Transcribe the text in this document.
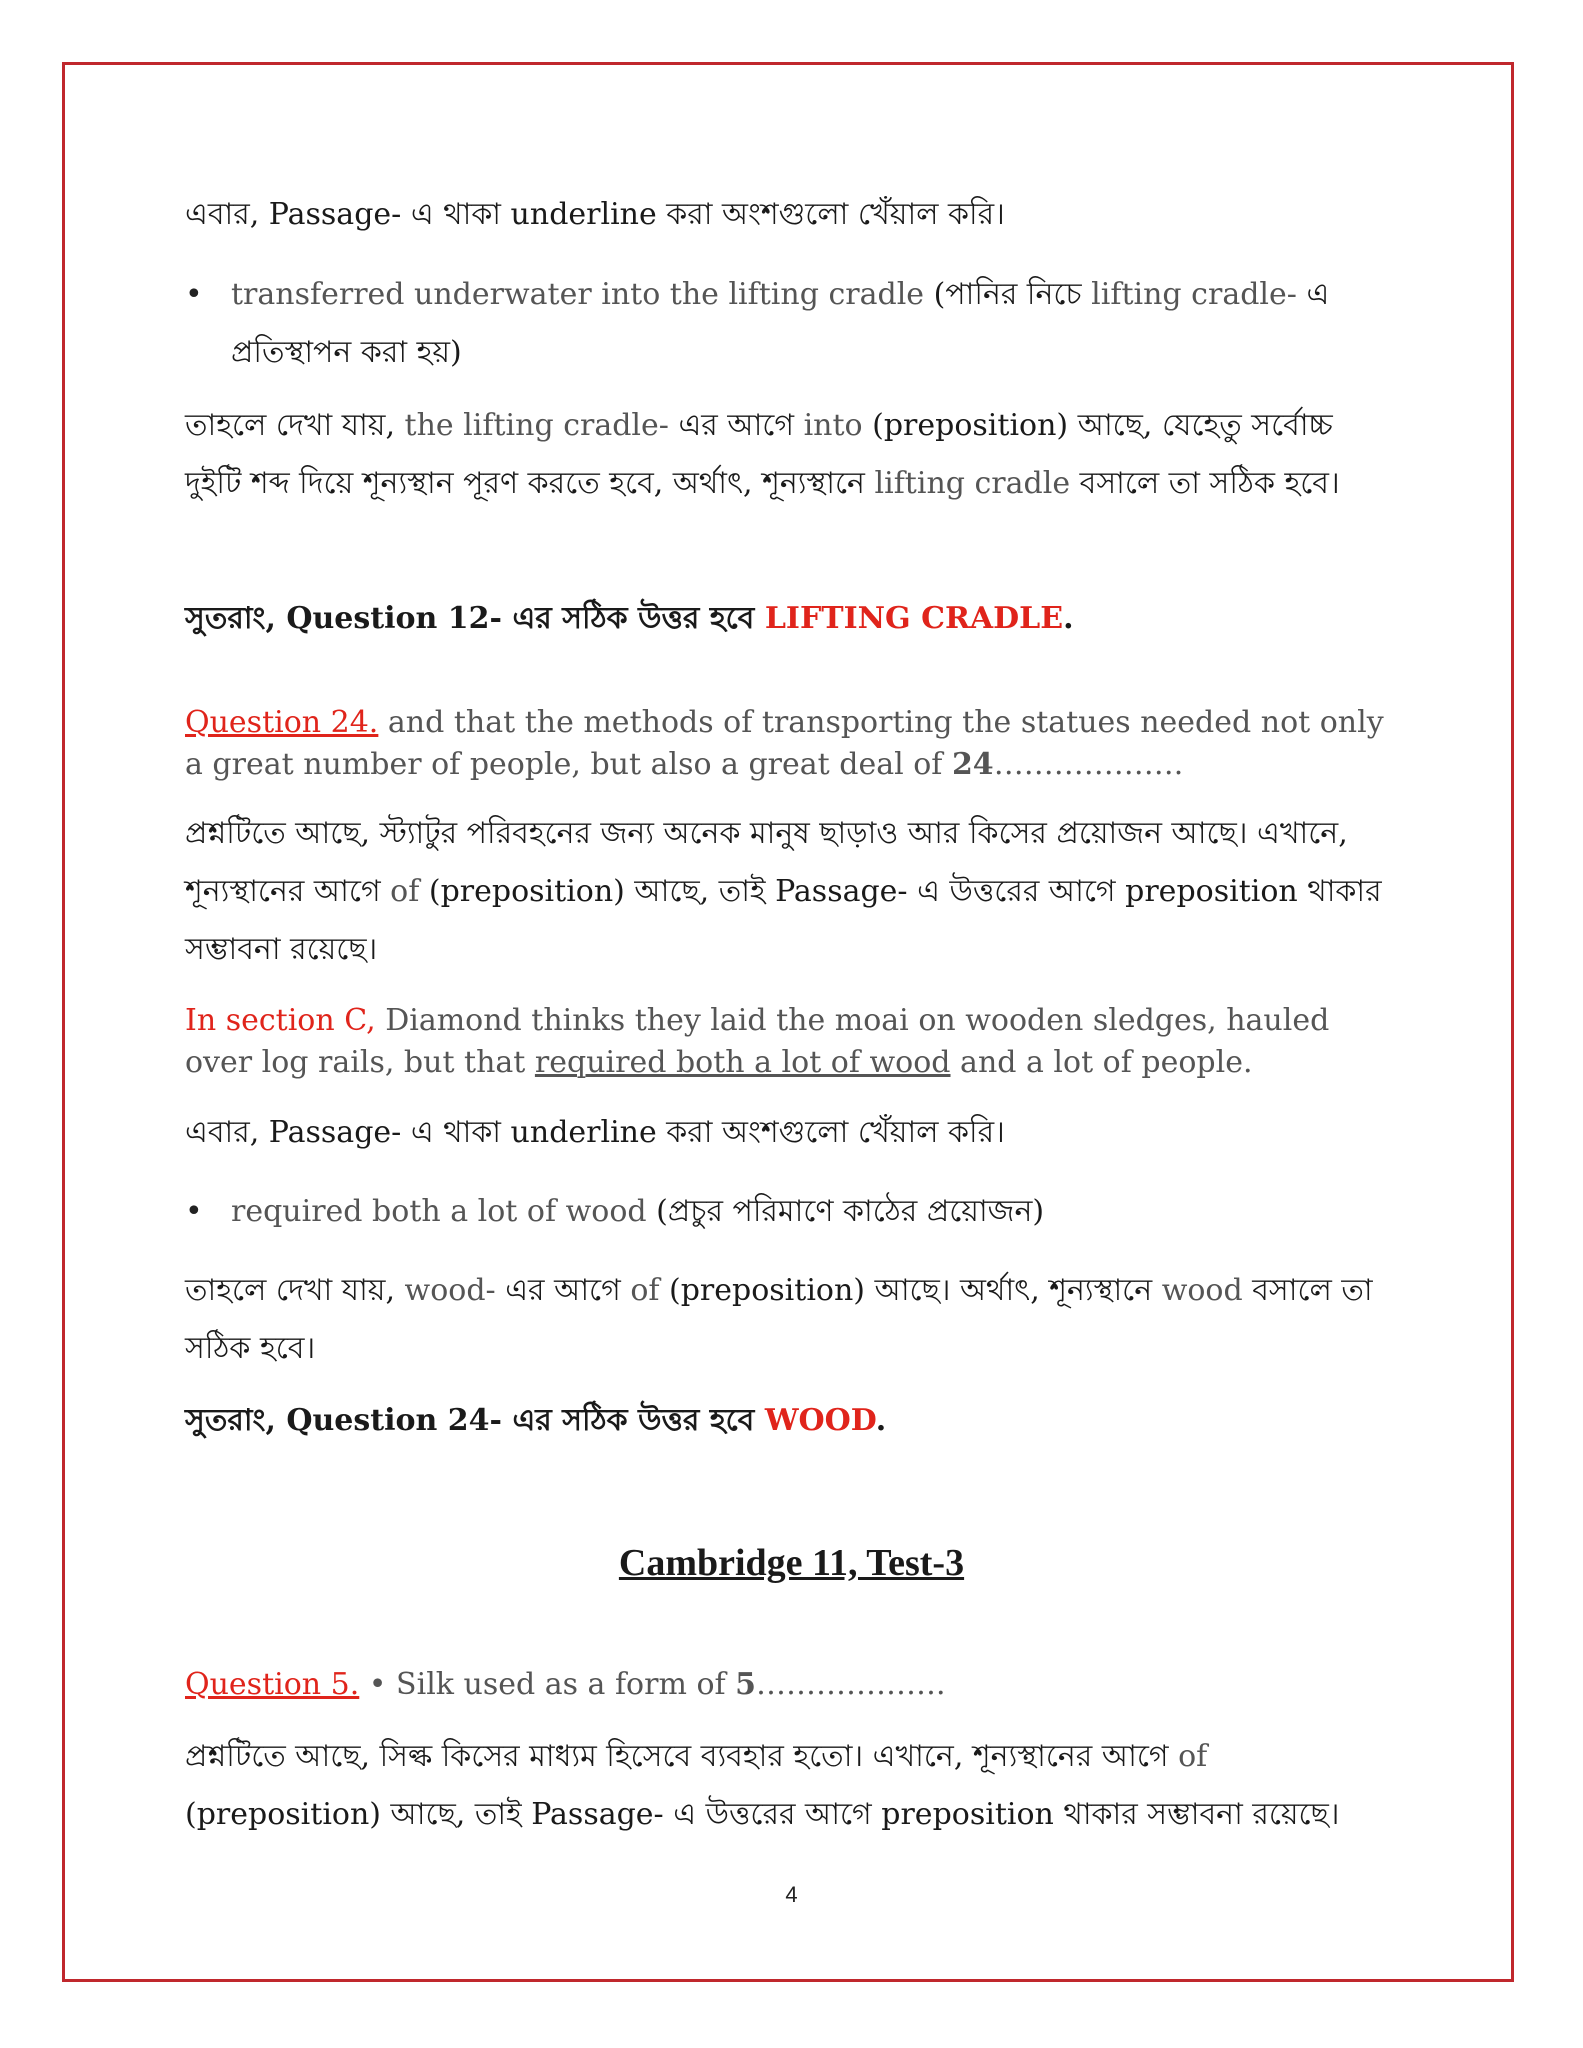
এবার, Passage- এ থাকা underline করা অংশগুলো খেঁয়াল করি।

• transferred underwater into the lifting cradle (পানির নিচে lifting cradle- এ প্রতিস্থাপন করা হয়)

তাহলে দেখা যায়, the lifting cradle- এর আগে into (preposition) আছে, যেহেতু সর্বোচ্চ দুইটি শব্দ দিয়ে শূন্যস্থান পূরণ করতে হবে, অর্থাৎ, শূন্যস্থানে lifting cradle বসালে তা সঠিক হবে।

সুতরাং, Question 12- এর সঠিক উত্তর হবে LIFTING CRADLE.

Question 24. and that the methods of transporting the statues needed not only a great number of people, but also a great deal of 24……………….

প্রশ্নটিতে আছে, স্ট্যাটুর পরিবহনের জন্য অনেক মানুষ ছাড়াও আর কিসের প্রয়োজন আছে। এখানে, শূন্যস্থানের আগে of (preposition) আছে, তাই Passage- এ উত্তরের আগে preposition থাকার সম্ভাবনা রয়েছে।

In section C, Diamond thinks they laid the moai on wooden sledges, hauled over log rails, but that required both a lot of wood and a lot of people.

এবার, Passage- এ থাকা underline করা অংশগুলো খেঁয়াল করি।

• required both a lot of wood (প্রচুর পরিমাণে কাঠের প্রয়োজন)

তাহলে দেখা যায়, wood- এর আগে of (preposition) আছে। অর্থাৎ, শূন্যস্থানে wood বসালে তা সঠিক হবে।

সুতরাং, Question 24- এর সঠিক উত্তর হবে WOOD.

Cambridge 11, Test-3

Question 5. • Silk used as a form of 5……………….

প্রশ্নটিতে আছে, সিল্ক কিসের মাধ্যম হিসেবে ব্যবহার হতো। এখানে, শূন্যস্থানের আগে of (preposition) আছে, তাই Passage- এ উত্তরের আগে preposition থাকার সম্ভাবনা রয়েছে।

4
